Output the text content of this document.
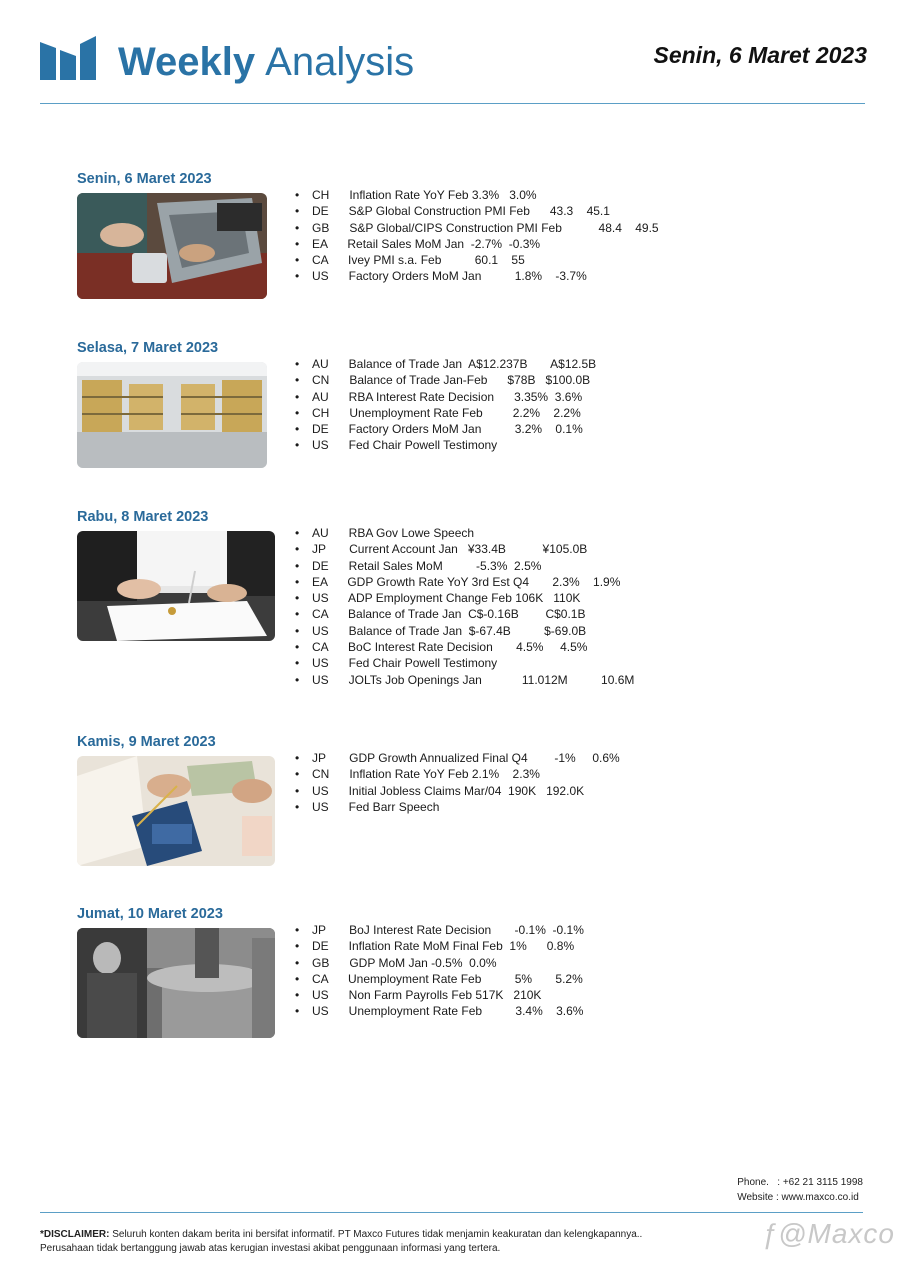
Weekly Analysis	Senin, 6 Maret 2023
Senin, 6 Maret 2023
• CH      Inflation Rate YoY Feb 3.3%   3.0%
• DE      S&P Global Construction PMI Feb      43.3    45.1
• GB      S&P Global/CIPS Construction PMI Feb           48.4    49.5
• EA      Retail Sales MoM Jan  -2.7%  -0.3%
• CA      Ivey PMI s.a. Feb          60.1    55
• US      Factory Orders MoM Jan          1.8%    -3.7%
Selasa, 7 Maret 2023
• AU      Balance of Trade Jan  A$12.237B       A$12.5B
• CN      Balance of Trade Jan-Feb      $78B   $100.0B
• AU      RBA Interest Rate Decision      3.35%  3.6%
• CH      Unemployment Rate Feb         2.2%    2.2%
• DE      Factory Orders MoM Jan          3.2%    0.1%
• US      Fed Chair Powell Testimony
Rabu, 8 Maret 2023
• AU      RBA Gov Lowe Speech
• JP       Current Account Jan   ¥33.4B           ¥105.0B
• DE      Retail Sales MoM          -5.3%  2.5%
• EA      GDP Growth Rate YoY 3rd Est Q4       2.3%    1.9%
• US      ADP Employment Change Feb 106K   110K
• CA      Balance of Trade Jan  C$-0.16B        C$0.1B
• US      Balance of Trade Jan  $-67.4B          $-69.0B
• CA      BoC Interest Rate Decision       4.5%     4.5%
• US      Fed Chair Powell Testimony
• US      JOLTs Job Openings Jan            11.012M          10.6M
Kamis, 9 Maret 2023
• JP       GDP Growth Annualized Final Q4        -1%     0.6%
• CN      Inflation Rate YoY Feb 2.1%    2.3%
• US      Initial Jobless Claims Mar/04  190K   192.0K
• US      Fed Barr Speech
Jumat, 10 Maret 2023
• JP       BoJ Interest Rate Decision       -0.1%  -0.1%
• DE      Inflation Rate MoM Final Feb  1%      0.8%
• GB      GDP MoM Jan -0.5%  0.0%
• CA      Unemployment Rate Feb          5%       5.2%
• US      Non Farm Payrolls Feb 517K   210K
• US      Unemployment Rate Feb          3.4%    3.6%
Phone.   : +62 21 3115 1998
Website : www.maxco.co.id
*DISCLAIMER: Seluruh konten dakam berita ini bersifat informatif. PT Maxco Futures tidak menjamin keakuratan dan kelengkapannya..
Perusahaan tidak bertanggung jawab atas kerugian investasi akibat penggunaan informasi yang tertera.	ƒ@Maxco
